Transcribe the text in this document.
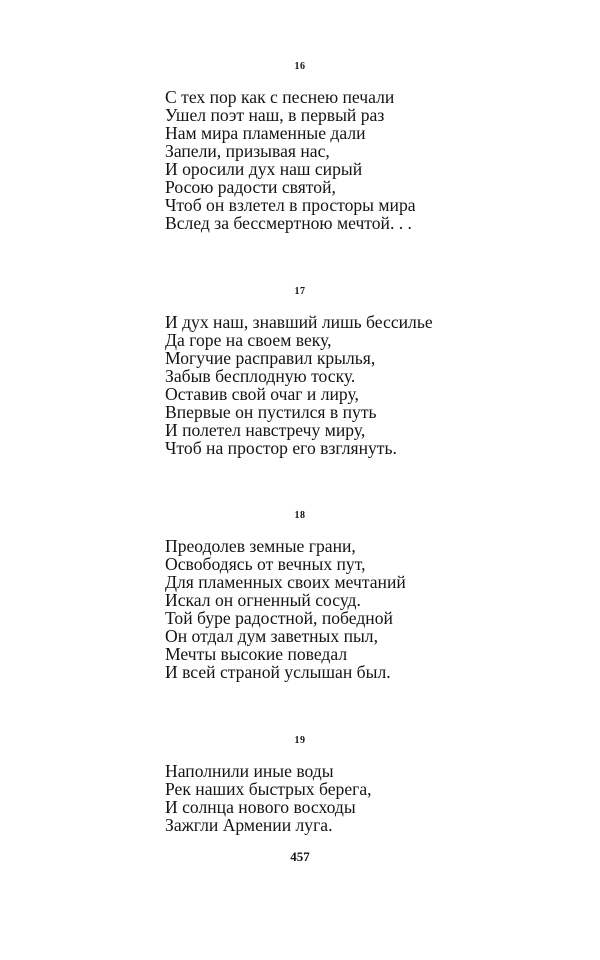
16
С тех пор как с песнею печали
Ушел поэт наш, в первый раз
Нам мира пламенные дали
Запели, призывая нас,
И оросили дух наш сирый
Росою радости святой,
Чтоб он взлетел в просторы мира
Вслед за бессмертною мечтой. . .
17
И дух наш, знавший лишь бессилье
Да горе на своем веку,
Могучие расправил крылья,
Забыв бесплодную тоску.
Оставив свой очаг и лиру,
Впервые он пустился в путь
И полетел навстречу миру,
Чтоб на простор его взглянуть.
18
Преодолев земные грани,
Освободясь от вечных пут,
Для пламенных своих мечтаний
Искал он огненный сосуд.
Той буре радостной, победной
Он отдал дум заветных пыл,
Мечты высокие поведал
И всей страной услышан был.
19
Наполнили иные воды
Рек наших быстрых берега,
И солнца нового восходы
Зажгли Армении луга.
457
